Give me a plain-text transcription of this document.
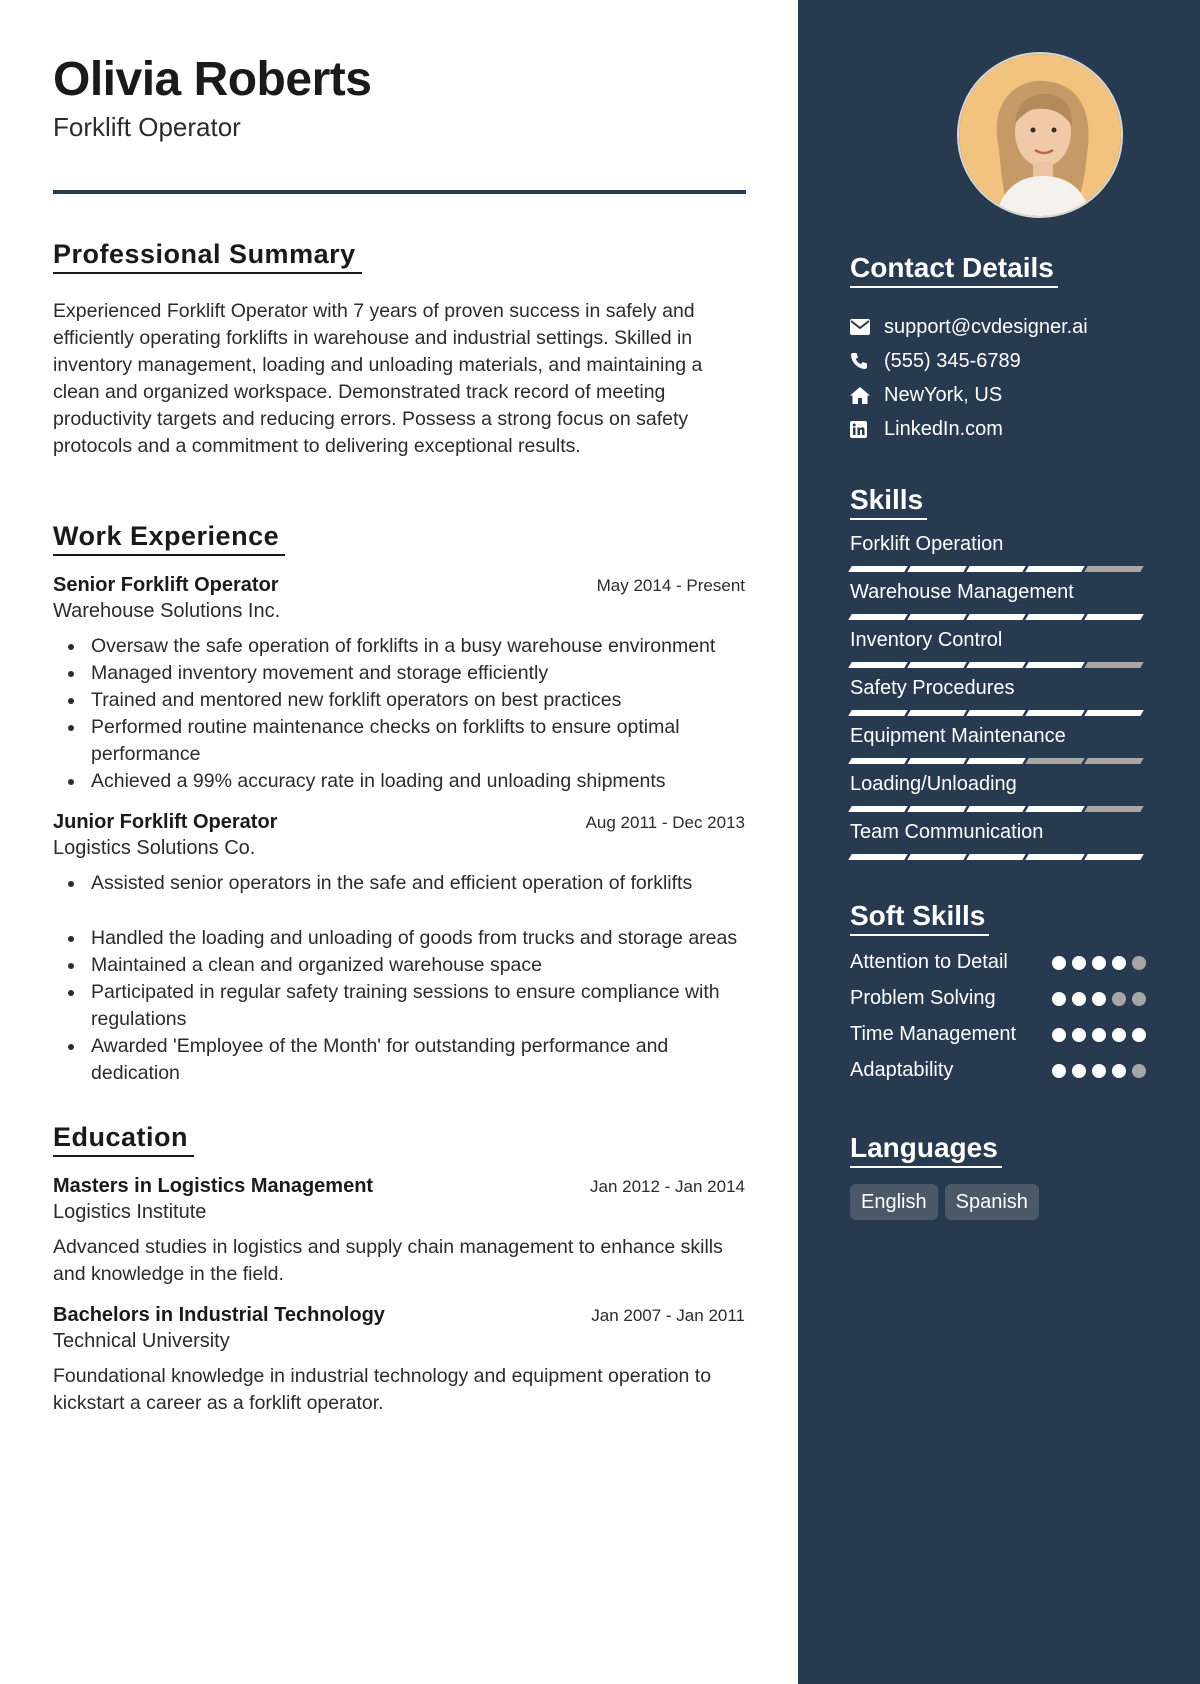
Olivia Roberts
Forklift Operator
Professional Summary

Experienced Forklift Operator with 7 years of proven success in safely and efficiently operating forklifts in warehouse and industrial settings. Skilled in inventory management, loading and unloading materials, and maintaining a clean and organized workspace. Demonstrated track record of meeting productivity targets and reducing errors. Possess a strong focus on safety protocols and a commitment to delivering exceptional results.

Work Experience
Senior Forklift Operator	May 2014 - Present
Warehouse Solutions Inc.
Oversaw the safe operation of forklifts in a busy warehouse environment
Managed inventory movement and storage efficiently
Trained and mentored new forklift operators on best practices
Performed routine maintenance checks on forklifts to ensure optimal performance
Achieved a 99% accuracy rate in loading and unloading shipments
Junior Forklift Operator	Aug 2011 - Dec 2013
Logistics Solutions Co.
Assisted senior operators in the safe and efficient operation of forklifts
Handled the loading and unloading of goods from trucks and storage areas
Maintained a clean and organized warehouse space
Participated in regular safety training sessions to ensure compliance with regulations
Awarded 'Employee of the Month' for outstanding performance and dedication
Education
Masters in Logistics Management	Jan 2012 - Jan 2014
Logistics Institute

Advanced studies in logistics and supply chain management to enhance skills and knowledge in the field.

Bachelors in Industrial Technology	Jan 2007 - Jan 2011
Technical University

Foundational knowledge in industrial technology and equipment operation to kickstart a career as a forklift operator.

Contact Details
support@cvdesigner.ai
(555) 345-6789
NewYork, US
LinkedIn.com
Skills
Forklift Operation
Warehouse Management
Inventory Control
Safety Procedures
Equipment Maintenance
Loading/Unloading
Team Communication
Soft Skills
Attention to Detail
Problem Solving
Time Management
Adaptability
Languages
English	Spanish
